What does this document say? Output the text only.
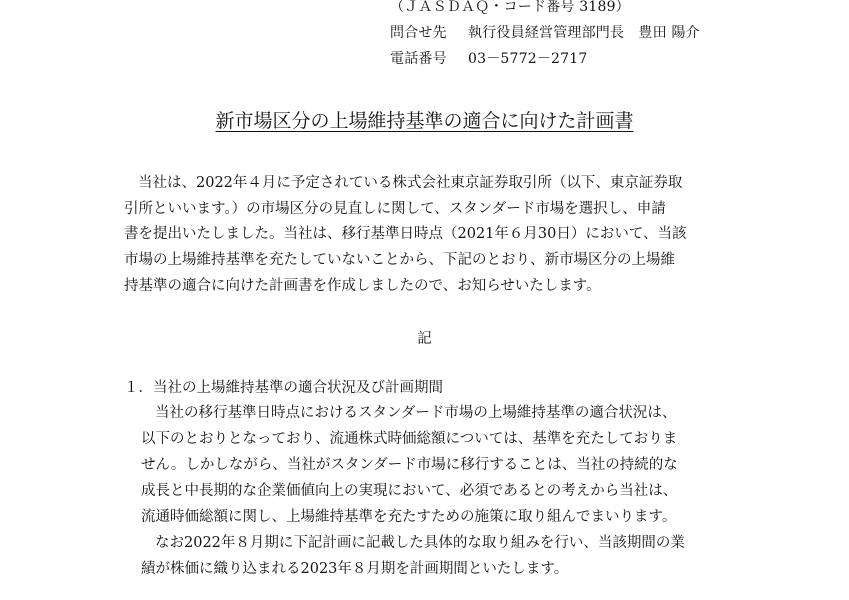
（ＪＡＳＤＡＱ・コード番号 3189）
問合せ先 執行役員経営管理部門長　豊田 陽介
電話番号 03－5772－2717
新市場区分の上場維持基準の適合に向けた計画書
当社は、2022年４月に予定されている株式会社東京証券取引所（以下、東京証券取
引所といいます。）の市場区分の見直しに関して、スタンダード市場を選択し、申請
書を提出いたしました。当社は、移行基準日時点（2021年６月30日）において、当該
市場の上場維持基準を充たしていないことから、下記のとおり、新市場区分の上場維
持基準の適合に向けた計画書を作成しましたので、お知らせいたします。
記
１．当社の上場維持基準の適合状況及び計画期間
当社の移行基準日時点におけるスタンダード市場の上場維持基準の適合状況は、
以下のとおりとなっており、流通株式時価総額については、基準を充たしておりま
せん。しかしながら、当社がスタンダード市場に移行することは、当社の持続的な
成長と中長期的な企業価値向上の実現において、必須であるとの考えから当社は、
流通時価総額に関し、上場維持基準を充たすための施策に取り組んでまいります。
なお2022年８月期に下記計画に記載した具体的な取り組みを行い、当該期間の業
績が株価に織り込まれる2023年８月期を計画期間といたします。
